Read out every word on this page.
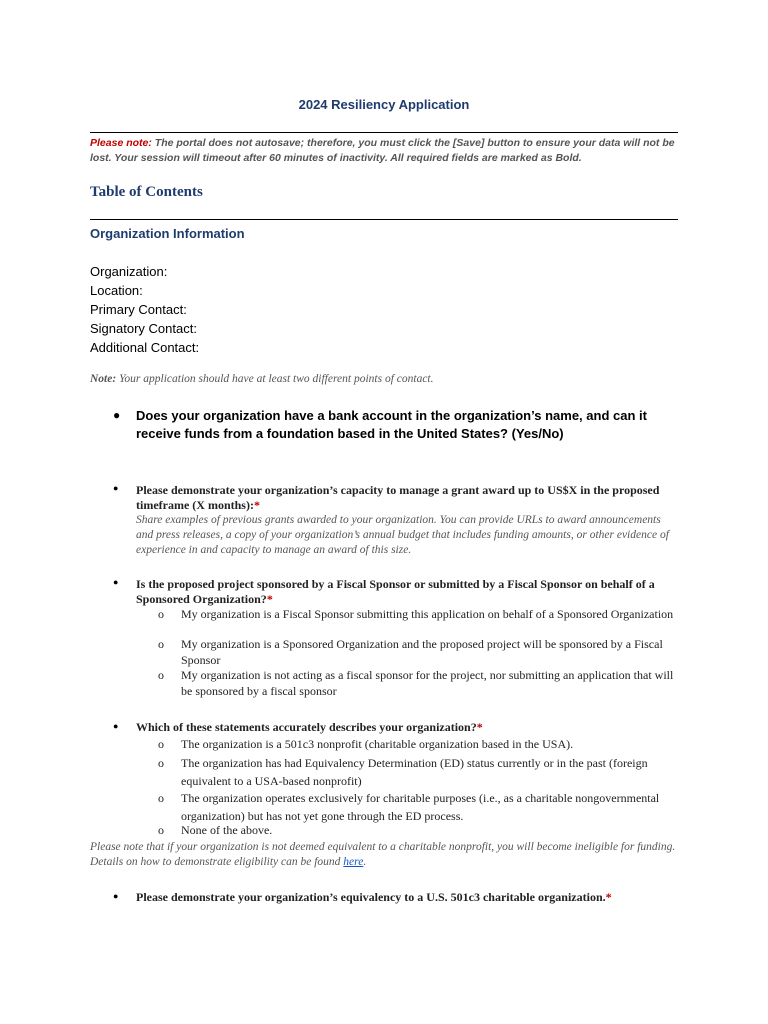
2024 Resiliency Application
Please note: The portal does not autosave; therefore, you must click the [Save] button to ensure your data will not be lost. Your session will timeout after 60 minutes of inactivity. All required fields are marked as Bold.
Table of Contents
Organization Information
Organization:
Location:
Primary Contact:
Signatory Contact:
Additional Contact:
Note: Your application should have at least two different points of contact.
● Does your organization have a bank account in the organization’s name, and can it receive funds from a foundation based in the United States? (Yes/No)
● Please demonstrate your organization’s capacity to manage a grant award up to US$X in the proposed timeframe (X months):*
Share examples of previous grants awarded to your organization. You can provide URLs to award announcements and press releases, a copy of your organization’s annual budget that includes funding amounts, or other evidence of experience in and capacity to manage an award of this size.
● Is the proposed project sponsored by a Fiscal Sponsor or submitted by a Fiscal Sponsor on behalf of a Sponsored Organization?*
o My organization is a Fiscal Sponsor submitting this application on behalf of a Sponsored Organization
o My organization is a Sponsored Organization and the proposed project will be sponsored by a Fiscal Sponsor
o My organization is not acting as a fiscal sponsor for the project, nor submitting an application that will be sponsored by a fiscal sponsor
● Which of these statements accurately describes your organization?*
o The organization is a 501c3 nonprofit (charitable organization based in the USA).
o The organization has had Equivalency Determination (ED) status currently or in the past (foreign equivalent to a USA-based nonprofit)
o The organization operates exclusively for charitable purposes (i.e., as a charitable nongovernmental organization) but has not yet gone through the ED process.
o None of the above.
Please note that if your organization is not deemed equivalent to a charitable nonprofit, you will become ineligible for funding. Details on how to demonstrate eligibility can be found here.
● Please demonstrate your organization’s equivalency to a U.S. 501c3 charitable organization.*
